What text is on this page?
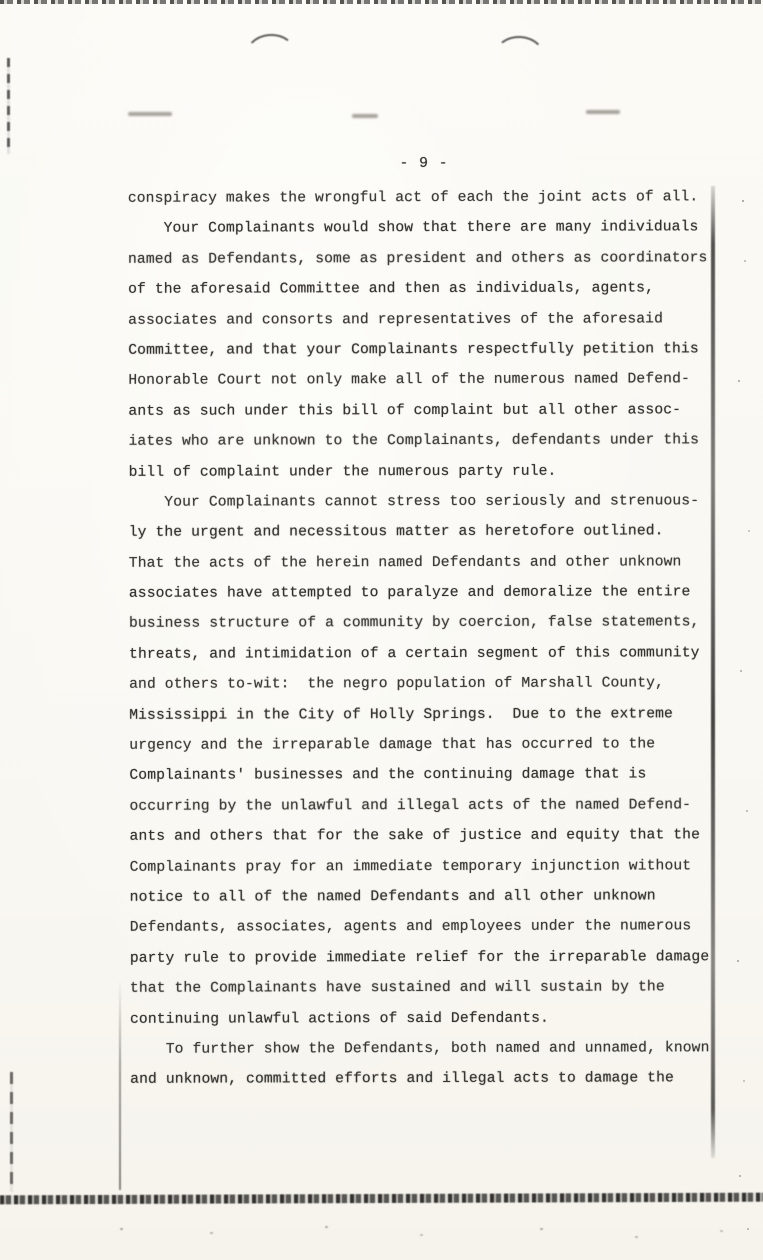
- 9 -
conspiracy makes the wrongful act of each the joint acts of all.
Your Complainants would show that there are many individuals
named as Defendants, some as president and others as coordinators
of the aforesaid Committee and then as individuals, agents,
associates and consorts and representatives of the aforesaid
Committee, and that your Complainants respectfully petition this
Honorable Court not only make all of the numerous named Defend-
ants as such under this bill of complaint but all other assoc-
iates who are unknown to the Complainants, defendants under this
bill of complaint under the numerous party rule.
Your Complainants cannot stress too seriously and strenuous-
ly the urgent and necessitous matter as heretofore outlined.
That the acts of the herein named Defendants and other unknown
associates have attempted to paralyze and demoralize the entire
business structure of a community by coercion, false statements,
threats, and intimidation of a certain segment of this community
and others to-wit:  the negro population of Marshall County,
Mississippi in the City of Holly Springs.  Due to the extreme
urgency and the irreparable damage that has occurred to the
Complainants' businesses and the continuing damage that is
occurring by the unlawful and illegal acts of the named Defend-
ants and others that for the sake of justice and equity that the
Complainants pray for an immediate temporary injunction without
notice to all of the named Defendants and all other unknown
Defendants, associates, agents and employees under the numerous
party rule to provide immediate relief for the irreparable damage
that the Complainants have sustained and will sustain by the
continuing unlawful actions of said Defendants.
To further show the Defendants, both named and unnamed, known
and unknown, committed efforts and illegal acts to damage the
